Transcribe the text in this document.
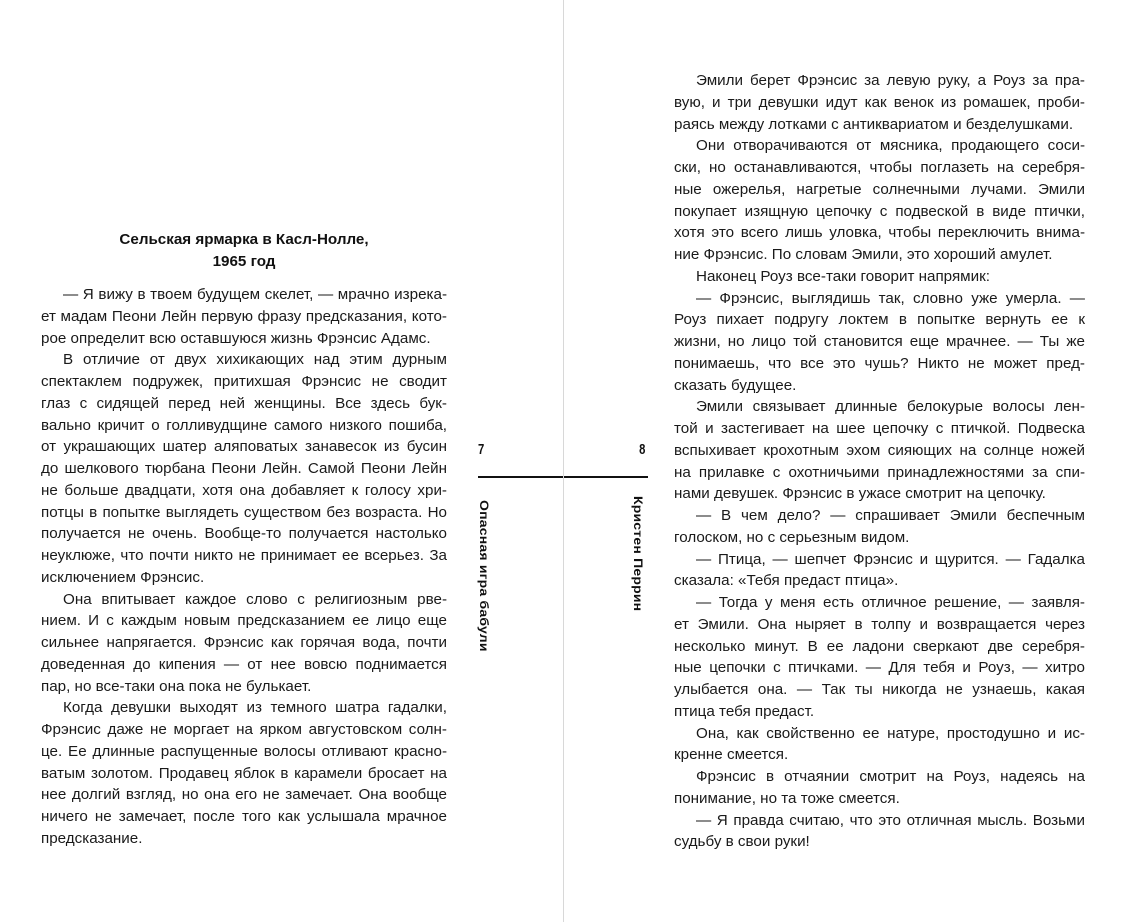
Сельская ярмарка в Касл-Нолле,
1965 год
— Я вижу в твоем будущем скелет, — мрачно изрека-
ет мадам Пеони Лейн первую фразу предсказания, кото-
рое определит всю оставшуюся жизнь Фрэнсис Адамс.
В отличие от двух хихикающих над этим дурным
спектаклем подружек, притихшая Фрэнсис не сводит
глаз с сидящей перед ней женщины. Все здесь бук-
вально кричит о голливудщине самого низкого пошиба,
от украшающих шатер аляповатых занавесок из бусин
до шелкового тюрбана Пеони Лейн. Самой Пеони Лейн
не больше двадцати, хотя она добавляет к голосу хри-
потцы в попытке выглядеть существом без возраста. Но
получается не очень. Вообще-то получается настолько
неуклюже, что почти никто не принимает ее всерьез. За
исключением Фрэнсис.
Она впитывает каждое слово с религиозным рве-
нием. И с каждым новым предсказанием ее лицо еще
сильнее напрягается. Фрэнсис как горячая вода, почти
доведенная до кипения — от нее вовсю поднимается
пар, но все-таки она пока не булькает.
Когда девушки выходят из темного шатра гадалки,
Фрэнсис даже не моргает на ярком августовском солн-
це. Ее длинные распущенные волосы отливают красно-
ватым золотом. Продавец яблок в карамели бросает на
нее долгий взгляд, но она его не замечает. Она вообще
ничего не замечает, после того как услышала мрачное
предсказание.
7	8
Опасная игра бабули	Кристен Перрин
Эмили берет Фрэнсис за левую руку, а Роуз за пра-
вую, и три девушки идут как венок из ромашек, проби-
раясь между лотками с антиквариатом и безделушками.
Они отворачиваются от мясника, продающего соси-
ски, но останавливаются, чтобы поглазеть на серебря-
ные ожерелья, нагретые солнечными лучами. Эмили
покупает изящную цепочку с подвеской в виде птички,
хотя это всего лишь уловка, чтобы переключить внима-
ние Фрэнсис. По словам Эмили, это хороший амулет.
Наконец Роуз все-таки говорит напрямик:
— Фрэнсис, выглядишь так, словно уже умерла. —
Роуз пихает подругу локтем в попытке вернуть ее к
жизни, но лицо той становится еще мрачнее. — Ты же
понимаешь, что все это чушь? Никто не может пред-
сказать будущее.
Эмили связывает длинные белокурые волосы лен-
той и застегивает на шее цепочку с птичкой. Подвеска
вспыхивает крохотным эхом сияющих на солнце ножей
на прилавке с охотничьими принадлежностями за спи-
нами девушек. Фрэнсис в ужасе смотрит на цепочку.
— В чем дело? — спрашивает Эмили беспечным
голоском, но с серьезным видом.
— Птица, — шепчет Фрэнсис и щурится. — Гадалка
сказала: «Тебя предаст птица».
— Тогда у меня есть отличное решение, — заявля-
ет Эмили. Она ныряет в толпу и возвращается через
несколько минут. В ее ладони сверкают две серебря-
ные цепочки с птичками. — Для тебя и Роуз, — хитро
улыбается она. — Так ты никогда не узнаешь, какая
птица тебя предаст.
Она, как свойственно ее натуре, простодушно и ис-
кренне смеется.
Фрэнсис в отчаянии смотрит на Роуз, надеясь на
понимание, но та тоже смеется.
— Я правда считаю, что это отличная мысль. Возьми
судьбу в свои руки!
